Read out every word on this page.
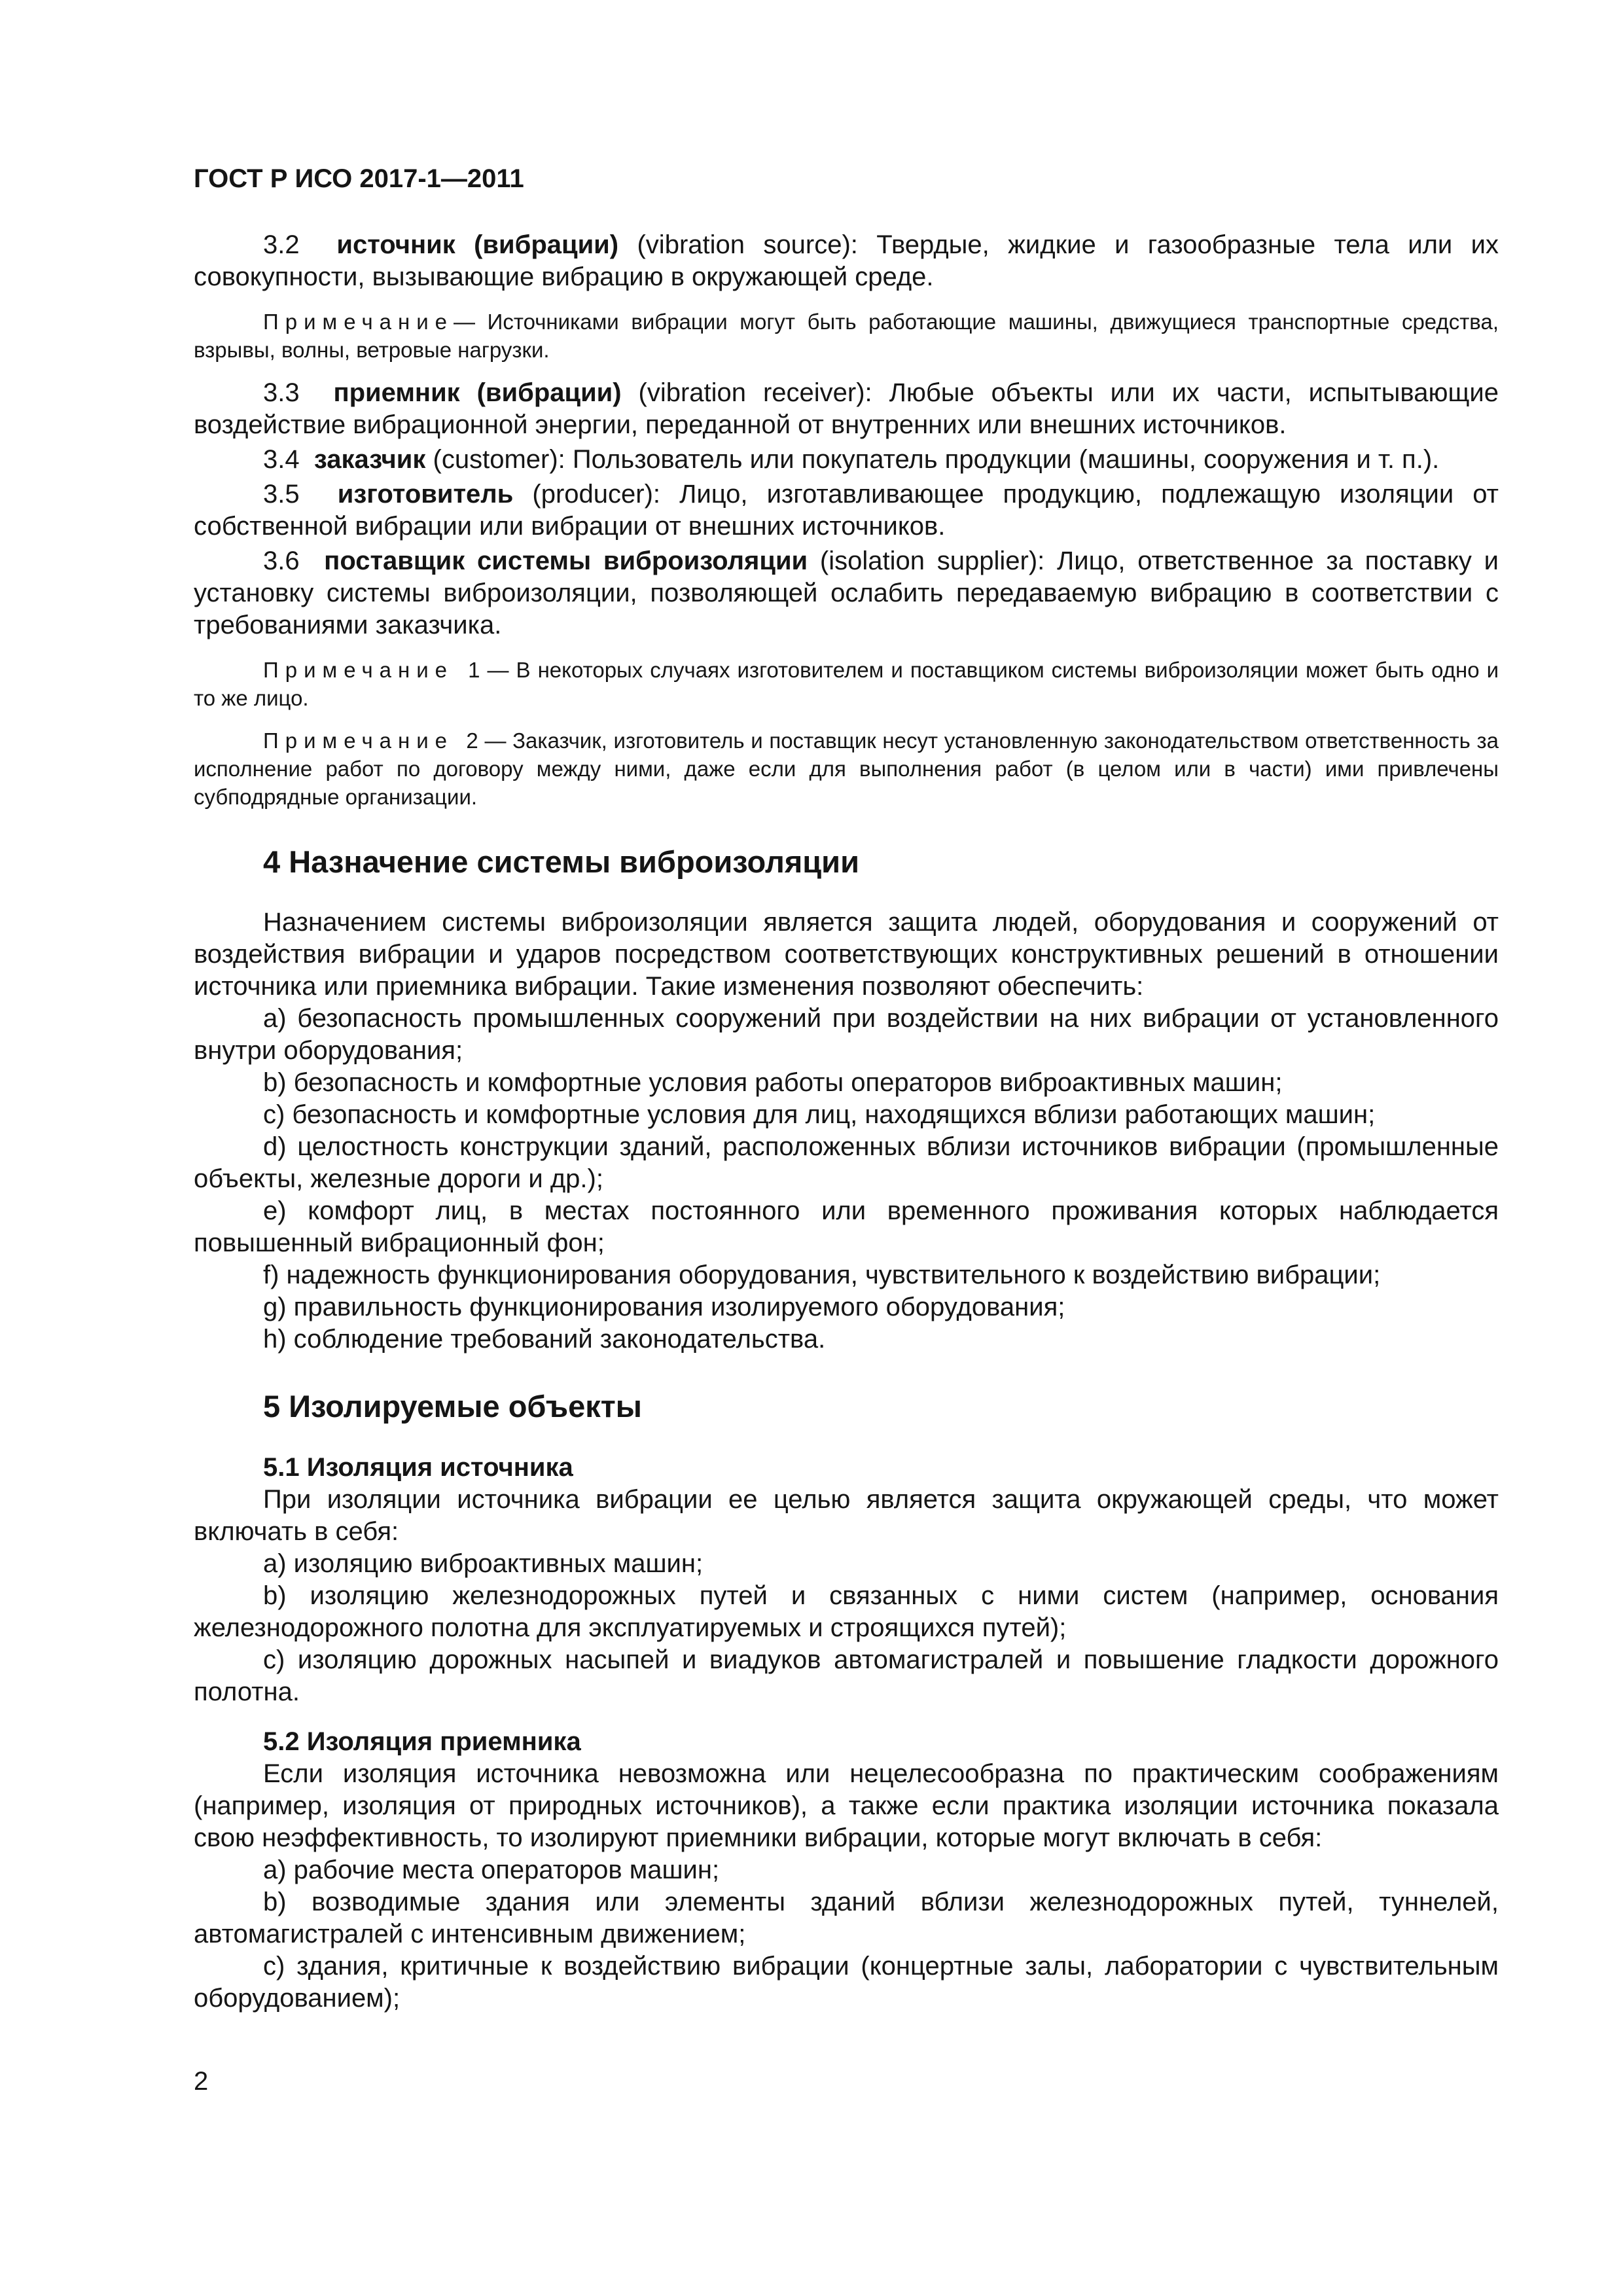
ГОСТ Р ИСО 2017-1—2011

3.2 источник (вибрации) (vibration source): Твердые, жидкие и газообразные тела или их совокупности, вызывающие вибрацию в окружающей среде.

Примечание— Источниками вибрации могут быть работающие машины, движущиеся транспортные средства, взрывы, волны, ветровые нагрузки.

3.3 приемник (вибрации) (vibration receiver): Любые объекты или их части, испытывающие воздействие вибрационной энергии, переданной от внутренних или внешних источников.

3.4 заказчик (customer): Пользователь или покупатель продукции (машины, сооружения и т. п.).

3.5 изготовитель (producer): Лицо, изготавливающее продукцию, подлежащую изоляции от собственной вибрации или вибрации от внешних источников.

3.6 поставщик системы виброизоляции (isolation supplier): Лицо, ответственное за поставку и установку системы виброизоляции, позволяющей ослабить передаваемую вибрацию в соответствии с требованиями заказчика.

Примечание 1 — В некоторых случаях изготовителем и поставщиком системы виброизоляции может быть одно и то же лицо.

Примечание 2 — Заказчик, изготовитель и поставщик несут установленную законодательством ответственность за исполнение работ по договору между ними, даже если для выполнения работ (в целом или в части) ими привлечены субподрядные организации.

4 Назначение системы виброизоляции

Назначением системы виброизоляции является защита людей, оборудования и сооружений от воздействия вибрации и ударов посредством соответствующих конструктивных решений в отношении источника или приемника вибрации. Такие изменения позволяют обеспечить:

a) безопасность промышленных сооружений при воздействии на них вибрации от установленного внутри оборудования;

b) безопасность и комфортные условия работы операторов виброактивных машин;

c) безопасность и комфортные условия для лиц, находящихся вблизи работающих машин;

d) целостность конструкции зданий, расположенных вблизи источников вибрации (промышленные объекты, железные дороги и др.);

e) комфорт лиц, в местах постоянного или временного проживания которых наблюдается повышенный вибрационный фон;

f) надежность функционирования оборудования, чувствительного к воздействию вибрации;

g) правильность функционирования изолируемого оборудования;

h) соблюдение требований законодательства.

5 Изолируемые объекты
5.1 Изоляция источника

При изоляции источника вибрации ее целью является защита окружающей среды, что может включать в себя:

a) изоляцию виброактивных машин;

b) изоляцию железнодорожных путей и связанных с ними систем (например, основания железнодорожного полотна для эксплуатируемых и строящихся путей);

c) изоляцию дорожных насыпей и виадуков автомагистралей и повышение гладкости дорожного полотна.

5.2 Изоляция приемника

Если изоляция источника невозможна или нецелесообразна по практическим соображениям (например, изоляция от природных источников), а также если практика изоляции источника показала свою неэффективность, то изолируют приемники вибрации, которые могут включать в себя:

a) рабочие места операторов машин;

b) возводимые здания или элементы зданий вблизи железнодорожных путей, туннелей, автомагистралей с интенсивным движением;

c) здания, критичные к воздействию вибрации (концертные залы, лаборатории с чувствительным оборудованием);

2
